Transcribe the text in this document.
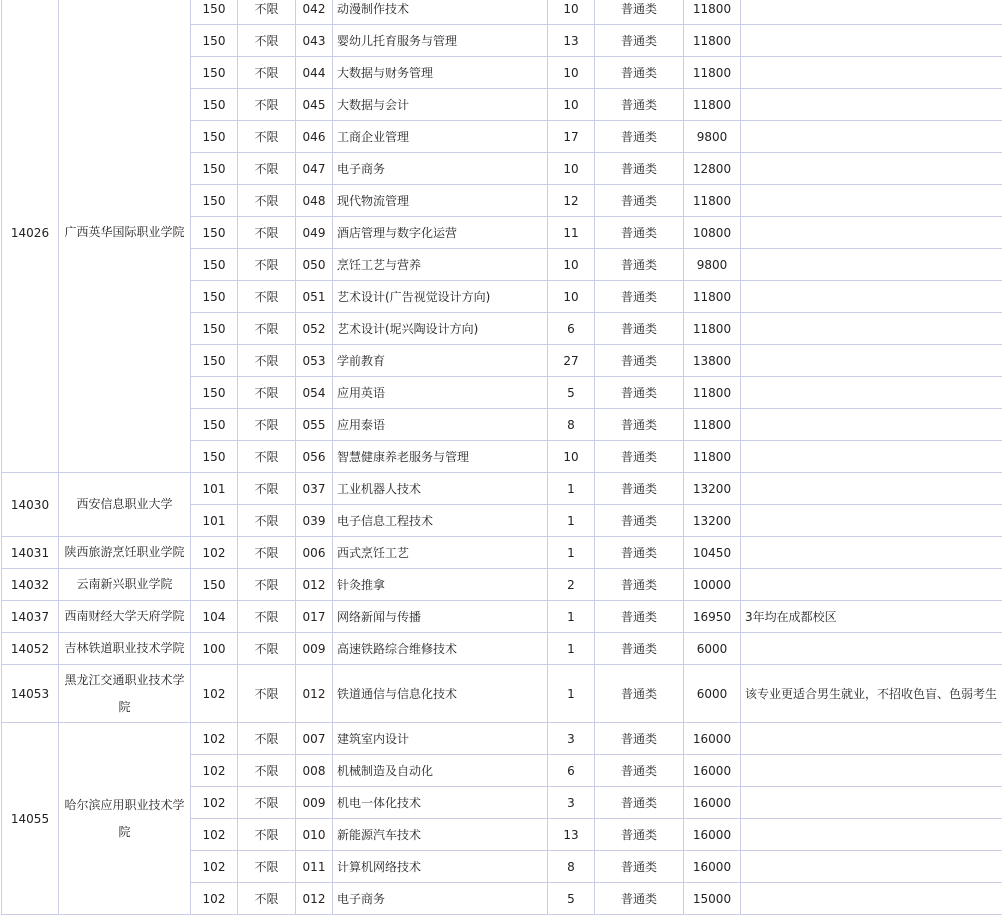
14026	广西英华国际职业学院	150	不限	042	动漫制作技术	10	普通类	11800	
		150	不限	043	婴幼儿托育服务与管理	13	普通类	11800	
		150	不限	044	大数据与财务管理	10	普通类	11800	
		150	不限	045	大数据与会计	10	普通类	11800	
		150	不限	046	工商企业管理	17	普通类	9800	
		150	不限	047	电子商务	10	普通类	12800	
		150	不限	048	现代物流管理	12	普通类	11800	
		150	不限	049	酒店管理与数字化运营	11	普通类	10800	
		150	不限	050	烹饪工艺与营养	10	普通类	9800	
		150	不限	051	艺术设计(广告视觉设计方向)	10	普通类	11800	
		150	不限	052	艺术设计(坭兴陶设计方向)	6	普通类	11800	
		150	不限	053	学前教育	27	普通类	13800	
		150	不限	054	应用英语	5	普通类	11800	
		150	不限	055	应用泰语	8	普通类	11800	
		150	不限	056	智慧健康养老服务与管理	10	普通类	11800	
14030	西安信息职业大学	101	不限	037	工业机器人技术	1	普通类	13200	
		101	不限	039	电子信息工程技术	1	普通类	13200	
14031	陕西旅游烹饪职业学院	102	不限	006	西式烹饪工艺	1	普通类	10450	
14032	云南新兴职业学院	150	不限	012	针灸推拿	2	普通类	10000	
14037	西南财经大学天府学院	104	不限	017	网络新闻与传播	1	普通类	16950	3年均在成都校区
14052	吉林铁道职业技术学院	100	不限	009	高速铁路综合维修技术	1	普通类	6000	
14053	黑龙江交通职业技术学院	102	不限	012	铁道通信与信息化技术	1	普通类	6000	该专业更适合男生就业，不招收色盲、色弱考生
14055	哈尔滨应用职业技术学院	102	不限	007	建筑室内设计	3	普通类	16000	
		102	不限	008	机械制造及自动化	6	普通类	16000	
		102	不限	009	机电一体化技术	3	普通类	16000	
		102	不限	010	新能源汽车技术	13	普通类	16000	
		102	不限	011	计算机网络技术	8	普通类	16000	
		102	不限	012	电子商务	5	普通类	15000	
